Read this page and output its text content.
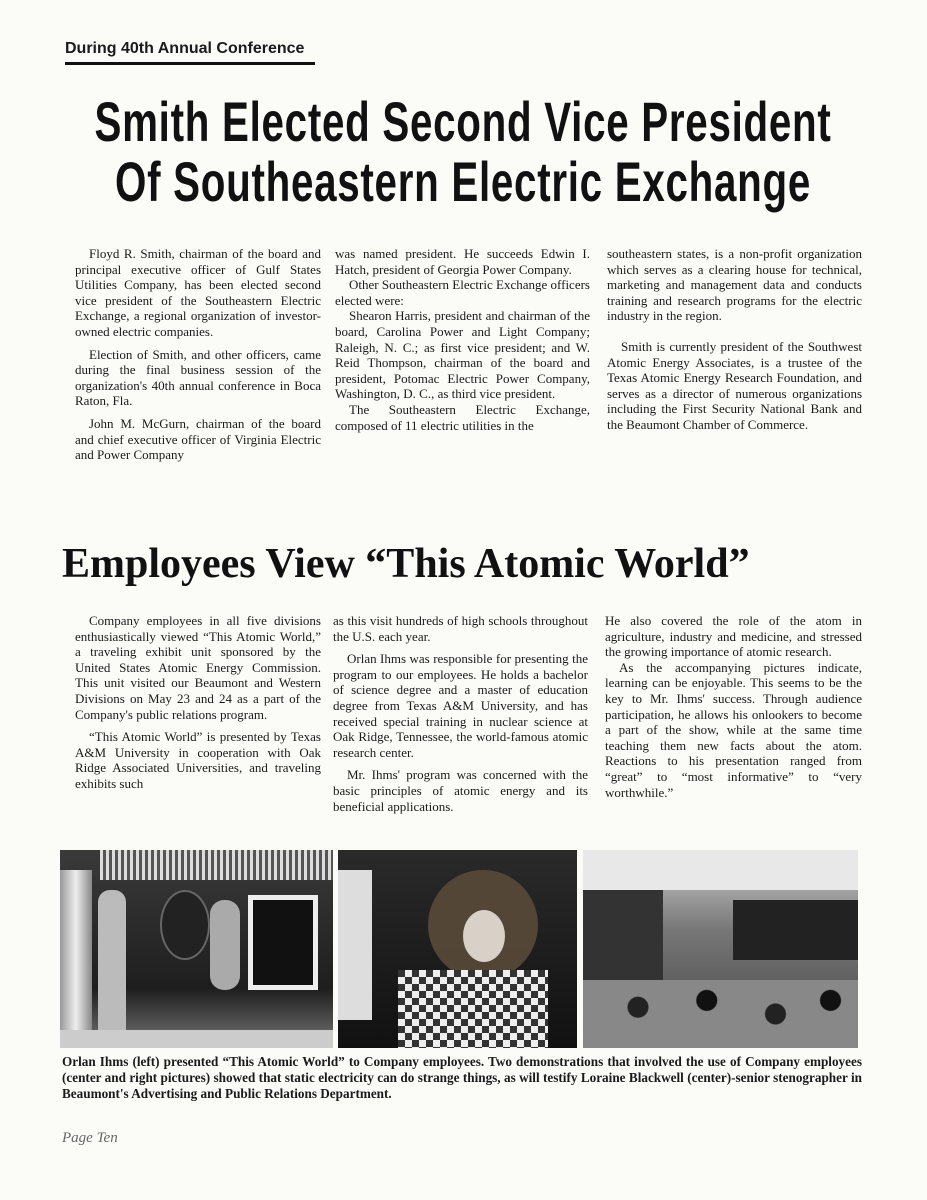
During 40th Annual Conference
Smith Elected Second Vice President
Of Southeastern Electric Exchange

Floyd R. Smith, chairman of the board and principal executive officer of Gulf States Utilities Company, has been elected second vice president of the Southeastern Electric Exchange, a regional organization of investor-owned electric companies.

Election of Smith, and other officers, came during the final business session of the organization's 40th annual conference in Boca Raton, Fla.

John M. McGurn, chairman of the board and chief executive officer of Virginia Electric and Power Company

was named president. He succeeds Edwin I. Hatch, president of Georgia Power Company.

Other Southeastern Electric Exchange officers elected were:

Shearon Harris, president and chairman of the board, Carolina Power and Light Company; Raleigh, N. C.; as first vice president; and W. Reid Thompson, chairman of the board and president, Potomac Electric Power Company, Washington, D. C., as third vice president.

The Southeastern Electric Exchange, composed of 11 electric utilities in the

southeastern states, is a non-profit organization which serves as a clearing house for technical, marketing and management data and conducts training and research programs for the electric industry in the region.

Smith is currently president of the Southwest Atomic Energy Associates, is a trustee of the Texas Atomic Energy Research Foundation, and serves as a director of numerous organizations including the First Security National Bank and the Beaumont Chamber of Commerce.

Employees View “This Atomic World”

Company employees in all five divisions enthusiastically viewed “This Atomic World,” a traveling exhibit unit sponsored by the United States Atomic Energy Commission. This unit visited our Beaumont and Western Divisions on May 23 and 24 as a part of the Company's public relations program.

“This Atomic World” is presented by Texas A&M University in cooperation with Oak Ridge Associated Universities, and traveling exhibits such

as this visit hundreds of high schools throughout the U.S. each year.

Orlan Ihms was responsible for presenting the program to our employees. He holds a bachelor of science degree and a master of education degree from Texas A&M University, and has received special training in nuclear science at Oak Ridge, Tennessee, the world-famous atomic research center.

Mr. Ihms' program was concerned with the basic principles of atomic energy and its beneficial applications.

He also covered the role of the atom in agriculture, industry and medicine, and stressed the growing importance of atomic research.

As the accompanying pictures indicate, learning can be enjoyable. This seems to be the key to Mr. Ihms' success. Through audience participation, he allows his onlookers to become a part of the show, while at the same time teaching them new facts about the atom. Reactions to his presentation ranged from “great” to “most informative” to “very worthwhile.”

Orlan Ihms (left) presented “This Atomic World” to Company employees. Two demonstrations that involved the use of Company employees (center and right pictures) showed that static electricity can do strange things, as will testify Loraine Blackwell (center)-senior stenographer in Beaumont's Advertising and Public Relations Department.
Page Ten
